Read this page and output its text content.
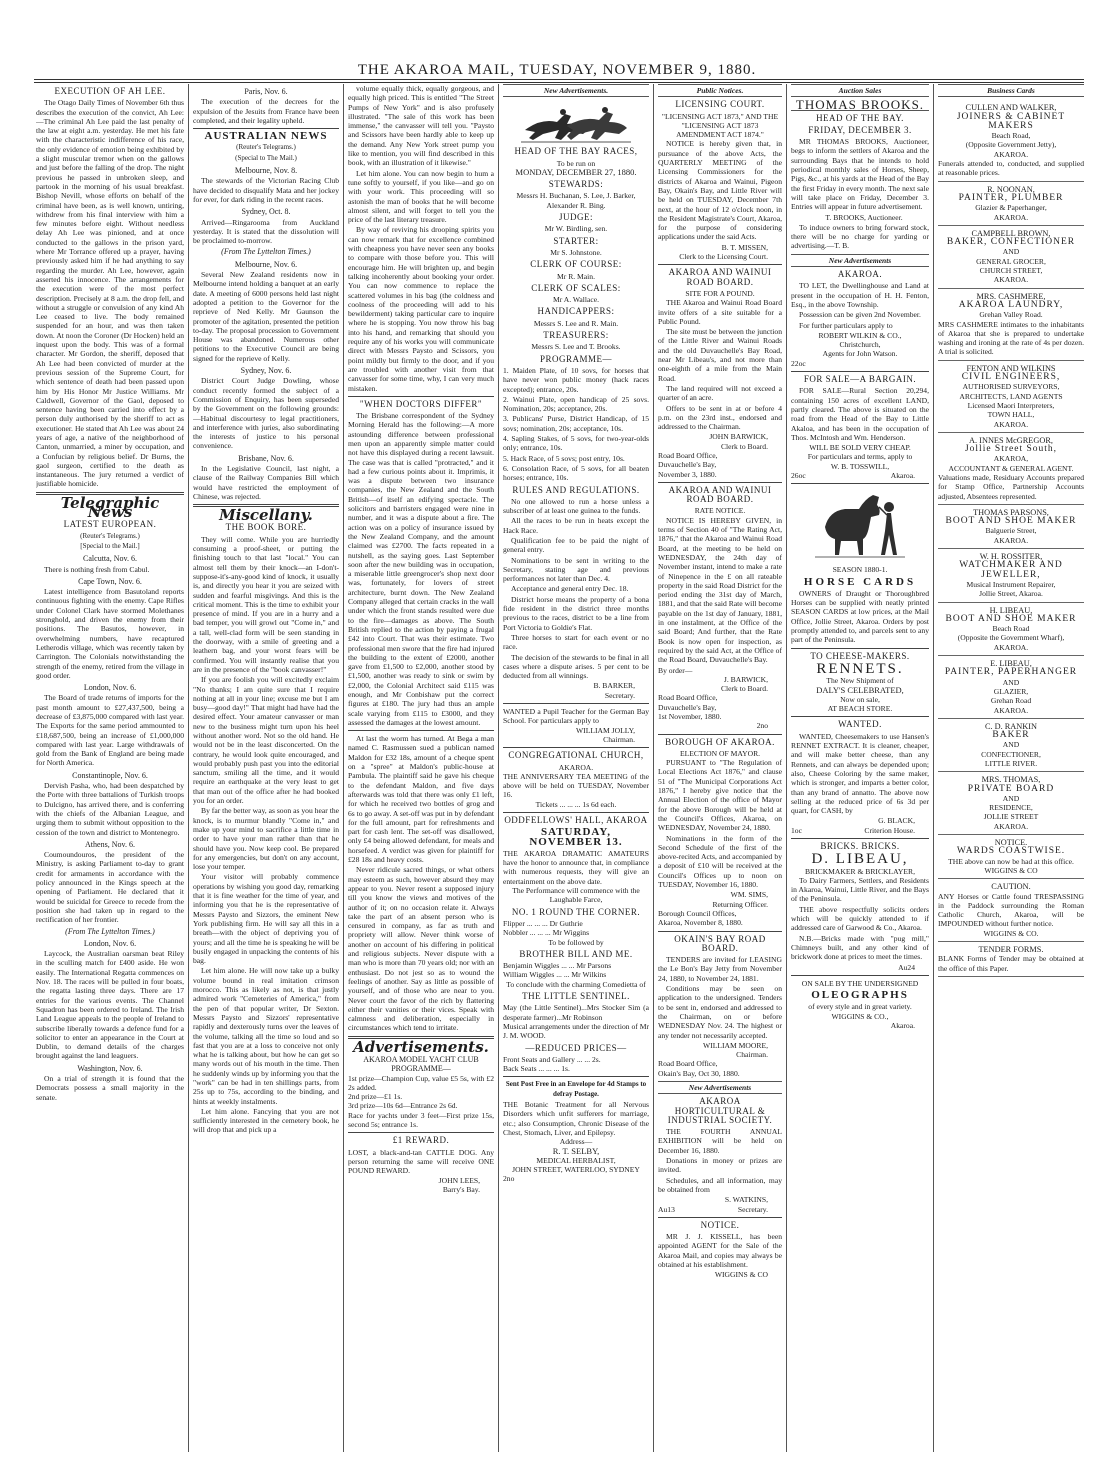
THE AKAROA MAIL, TUESDAY, NOVEMBER 9, 1880.
EXECUTION OF AH LEE.

The Otago Daily Times of November 6th thus describes the execution of the convict, Ah Lee:—The criminal Ah Lee paid the last penalty of the law at eight a.m. yesterday. He met his fate with the characteristic indifference of his race, the only evidence of emotion being exhibited by a slight muscular tremor when on the gallows and just before the falling of the drop. The night previous he passed in unbroken sleep, and partook in the morning of his usual breakfast. Bishop Nevill, whose efforts on behalf of the criminal have been, as is well known, untiring, withdrew from his final interview with him a few minutes before eight. Without needless delay Ah Lee was pinioned, and at once conducted to the gallows in the prison yard, where Mr Torrance offered up a prayer, having previously asked him if he had anything to say regarding the murder. Ah Lee, however, again asserted his innocence. The arrangements for the execution were of the most perfect description. Precisely at 8 a.m. the drop fell, and without a struggle or convulsion of any kind Ah Lee ceased to live. The body remained suspended for an hour, and was then taken down. At noon the Coroner (Dr Hocken) held an inquest upon the body. This was of a formal character. Mr Gordon, the sheriff, deposed that Ah Lee had been convicted of murder at the previous session of the Supreme Court, for which sentence of death had been passed upon him by His Honor Mr Justice Williams. Mr Caldwell, Governor of the Gaol, deposed to sentence having been carried into effect by a person duly authorised by the sheriff to act as executioner. He stated that Ah Lee was about 24 years of age, a native of the neighborhood of Canton, unmarried, a miner by occupation, and a Confucian by religious belief. Dr Burns, the gaol surgeon, certified to the death as instantaneous. The jury returned a verdict of justifiable homicide.

Telegraphic News
LATEST EUROPEAN.
(Reuter's Telegrams.)
[Special to the Mail.]
Calcutta, Nov. 6.

There is nothing fresh from Cabul.

Cape Town, Nov. 6.

Latest intelligence from Basutoland reports continuous fighting with the enemy. Cape Rifles under Colonel Clark have stormed Molethanes stronghold, and driven the enemy from their positions. The Basutos, however, in overwhelming numbers, have recaptured Letherodis village, which was recently taken by Carrington. The Colonials notwithstanding the strength of the enemy, retired from the village in good order.

London, Nov. 6.

The Board of trade returns of imports for the past month amount to £27,437,500, being a decrease of £3,875,000 compared with last year. The Exports for the same period ammounted to £18,687,500, being an increase of £1,000,000 compared with last year. Large withdrawals of gold from the Bank of England are being made for North America.

Constantinople, Nov. 6.

Dervish Pasha, who, had been despatched by the Porte with three battalions of Turkish troops to Dulcigno, has arrived there, and is conferring with the chiefs of the Albanian League, and urging them to submit without opposition to the cession of the town and district to Montenegro.

Athens, Nov. 6.

Coumoundouros, the president of the Ministry, is asking Parliament to-day to grant credit for armaments in accordance with the policy announced in the Kings speech at the opening of Parliament. He declared that it would be suicidal for Greece to recede from the position she had taken up in regard to the rectification of her frontier.

(From The Lyttelton Times.)
London, Nov. 6.

Laycock, the Australian oarsman beat Riley in the sculling match for £400 aside. He won easily. The International Regatta commences on Nov. 18. The races will be pulled in four boats, the regatta lasting three days. There are 17 entries for the various events. The Channel Squadron has been ordered to Ireland. The Irish Land League appeals to the people of Ireland to subscribe liberally towards a defence fund for a solicitor to enter an appearance in the Court at Dublin, to demand details of the charges brought against the land leaguers.

Washington, Nov. 6.

On a trial of strength it is found that the Democrats possess a small majority in the senate.

Paris, Nov. 6.

The execution of the decrees for the expulsion of the Jesuits from France have been completed, and their legality upheld.

AUSTRALIAN NEWS
(Reuter's Telegrams.)
(Special to The Mail.)
Melbourne, Nov. 8.

The stewards of the Victorian Racing Club have decided to disqualify Mata and her jockey for ever, for dark riding in the recent races.

Sydney, Oct. 8.

Arrived—Ringarooma from Auckland yesterday. It is stated that the dissolution will be proclaimed to-morrow.

(From The Lyttelton Times.)
Melbourne, Nov. 6.

Several New Zealand residents now in Melbourne intend holding a banquet at an early date. A meeting of 6000 persons held last night adopted a petition to the Governor for the reprieve of Ned Kelly. Mr Gaunson the promoter of the agitation, presented the petition to-day. The proposal procession to Government House was abandoned. Numerous other petitions to the Executive Council are being signed for the reprieve of Kelly.

Sydney, Nov. 6.

District Court Judge Dowling, whose conduct recently formed the subject of a Commission of Enquiry, has been superseded by the Government on the following grounds:—Habitual discourtesy to legal practitioners, and interference with juries, also subordinating the interests of justice to his personal convenience.

Brisbane, Nov. 6.

In the Legislative Council, last night, a clause of the Railway Companies Bill which would have restricted the employment of Chinese, was rejected.

Miscellany.
THE BOOK BORE.

They will come. While you are hurriedly consuming a proof-sheet, or putting the finishing touch to that last "local." You can almost tell them by their knock—an I-don't-suppose-it's-any-good kind of knock, it usually is, and directly you hear it you are seized with sudden and fearful misgivings. And this is the critical moment. This is the time to exhibit your presence of mind. If you are in a hurry and a bad temper, you will growl out "Come in," and a tall, well-clad form will be seen standing in the doorway, with a smile of greeting and a leathern bag, and your worst fears will be confirmed. You will instantly realise that you are in the presence of the "book canvasser!"

If you are foolish you will excitedly exclaim "No thanks; I am quite sure that I require nothing at all in your line; excuse me but I am busy—good day!" That might had have had the desired effect. Your amateur canvasser or man new to the business might turn upon his heel without another word. Not so the old hand. He would not be in the least disconcerted. On the contrary, he would look quite encouraged, and would probably push past you into the editorial sanctum, smiling all the time, and it would require an earthquake at the very least to get that man out of the office after he had booked you for an order.

By far the better way, as soon as you hear the knock, is to murmur blandly "Come in," and make up your mind to sacrifice a little time in order to have your man rather than that he should have you. Now keep cool. Be prepared for any emergencies, but don't on any account, lose your temper.

Your visitor will probably commence operations by wishing you good day, remarking that it is fine weather for the time of year, and informing you that he is the representative of Messrs Paysto and Sizzors, the eminent New York publishing firm. He will say all this in a breath—with the object of depriving you of yours; and all the time he is speaking he will be busily engaged in unpacking the contents of his bag.

Let him alone. He will now take up a bulky volume bound in real imitation crimson morocco. This as likely as not, is that justly admired work "Cemeteries of America," from the pen of that popular writer, Dr Sexton. Messrs Paysto and Sizzors' representative rapidly and dexterously turns over the leaves of the volume, talking all the time so loud and so fast that you are at a loss to conceive not only what he is talking about, but how he can get so many words out of his mouth in the time. Then he suddenly winds up by informing you that the "work" can be had in ten shillings parts, from 25s up to 75s, according to the binding, and hints at weekly instalments.

Let him alone. Fancying that you are not sufficiently interested in the cemetery book, he will drop that and pick up a

volume equally thick, equally gorgeous, and equally high priced. This is entitled "The Street Pumps of New York" and is also profusely illustrated. "The sale of this work has been immense," the canvasser will tell you. "Paysto and Scissors have been hardly able to keep up the demand. Any New York street pump you like to mention, you will find described in this book, with an illustration of it likewise."

Let him alone. You can now begin to hum a tune softly to yourself, if you like—and go on with your work. This proceeding will so astonish the man of books that he will become almost silent, and will forget to tell you the price of the last literary treasure.

By way of reviving his drooping spirits you can now remark that for excellence combined with cheapness you have never seen any books to compare with those before you. This will encourage him. He will brighten up, and begin talking incoherently about booking your order. You can now commence to replace the scattered volumes in his bag (the coldness and coolness of the proceeding will add to his bewilderment) taking particular care to inquire where he is stopping. You now throw his bag into his hand, and remarking that should you require any of his works you will communicate direct with Messrs Paysto and Scissors, you point mildly but firmly to the door, and if you are troubled with another visit from that canvasser for some time, why, I can very much mistaken.

"WHEN DOCTORS DIFFER"

The Brisbane correspondent of the Sydney Morning Herald has the following:—A more astounding difference between professional men upon an apparently simple matter could not have this displayed during a recent lawsuit. The case was that is called "protracted," and it had a few curious points about it. Imprimis, it was a dispute between two insurance companies, the New Zealand and the South British—of itself an edifying spectacle. The solicitors and barristers engaged were nine in number, and it was a dispute about a fire. The action was on a policy of insurance issued by the New Zealand Company, and the amount claimed was £2700. The facts repeated in a nutshell, as the saying goes. Last September soon after the new building was in occupation, a miserable little greengrocer's shop next door was, fortunately, for lovers of street architecture, burnt down. The New Zealand Company alleged that certain cracks in the wall under which the front stands resulted were due to the fire—damages as above. The South British replied to the action by paying a frugal £42 into Court. That was their estimate. Two professional men swore that the fire had injured the building to the extent of £2000, another gave from £1,500 to £2,000, another stood by £1,500, another was ready to sink or swim by £2,000, the Colonial Architect said £115 was enough, and Mr Conbishaw put the correct figures at £180. The jury had thus an ample scale varying from £115 to £3000, and they assessed the damages at the lowest amount.

At last the worm has turned. At Bega a man named C. Rasmussen sued a publican named Maldon for £32 18s, amount of a cheque spent on a "spree" at Maldon's public-house at Pambula. The plaintiff said he gave his cheque to the defendant Maldon, and five days afterwards was told that there was only £1 left, for which he received two bottles of grog and 6s to go away. A set-off was put in by defendant for the full amount, part for refreshments and part for cash lent. The set-off was disallowed, only £4 being allowed defendant, for meals and horsefeed. A verdict was given for plaintiff for £28 18s and heavy costs.

Never ridicule sacred things, or what others may esteem as such, however absurd they may appear to you. Never resent a supposed injury till you know the views and motives of the author of it; on no occasion relate it. Always take the part of an absent person who is censured in company, as far as truth and propriety will allow. Never think worse of another on account of his differing in political and religious subjects. Never dispute with a man who is more than 70 years old; nor with an enthusiast. Do not jest so as to wound the feelings of another. Say as little as possible of yourself, and of those who are near to you. Never court the favor of the rich by flattering either their vanities or their vices. Speak with calmness and deliberation, especially in circumstances which tend to irritate.

Advertisements.
AKAROA MODEL YACHT CLUB PROGRAMME—
1st prize—Champion Cup, value £5 5s, with £2 2s added.
2nd prize—£1 1s.
3rd prize—10s 6d—Entrance 2s 6d.
Race for yachts under 3 feet—First prize 15s, second 5s; entrance 1s.
£1 REWARD.
LOST, a black-and-tan CATTLE DOG. Any person returning the same will receive ONE POUND REWARD.
JOHN LEES,
Barry's Bay.
New Advertisements.
HEAD OF THE BAY RACES,
To be run on
MONDAY, DECEMBER 27, 1880.
STEWARDS:
Messrs H. Buchanan, S. Lee, J. Barker, Alexander R. Bing.
JUDGE:
Mr W. Birdling, sen.
STARTER:
Mr S. Johnstone.
CLERK OF COURSE:
Mr R. Main.
CLERK OF SCALES:
Mr A. Wallace.
HANDICAPPERS:
Messrs S. Lee and R. Main.
TREASURERS:
Messrs S. Lee and T. Brooks.
PROGRAMME—

1. Maiden Plate, of 10 sovs, for horses that have never won public money (hack races excepted); entrance, 20s.

2. Wainui Plate, open handicap of 25 sovs. Nomination, 20s; acceptance, 20s.

3. Publicans' Purse, District Handicap, of 15 sovs; nomination, 20s; acceptance, 10s.

4. Sapling Stakes, of 5 sovs, for two-year-olds only; entrance, 10s.

5. Hack Race, of 5 sovs; post entry, 10s.

6. Consolation Race, of 5 sovs, for all beaten horses; entrance, 10s.

RULES AND REGULATIONS.

No one allowed to run a horse unless a subscriber of at least one guinea to the funds.

All the races to be run in heats except the Hack Race.

Qualification fee to be paid the night of general entry.

Nominations to be sent in writing to the Secretary, stating age and previous performances not later than Dec. 4.

Acceptance and general entry Dec. 18.

District horse means the property of a bona fide resident in the district three months previous to the races, district to be a line from Port Victoria to Goldie's Flat.

Three horses to start for each event or no race.

The decision of the stewards to be final in all cases where a dispute arises. 5 per cent to be deducted from all winnings.

B. BARKER,
Secretary.
WANTED a Pupil Teacher for the German Bay School. For particulars apply to
WILLIAM JOLLY,
Chairman.
CONGREGATIONAL CHURCH,
AKAROA.
THE ANNIVERSARY TEA MEETING of the above will be held on TUESDAY, November 16.
Tickets ... ... ... 1s 6d each.
ODDFELLOWS' HALL, AKAROA
SATURDAY, NOVEMBER 13.
THE AKAROA DRAMATIC AMATEURS have the honor to announce that, in compliance with numerous requests, they will give an entertainment on the above date.
The Performance will commence with the Laughable Farce,
NO. 1 ROUND THE CORNER.
Flipper ... ... ... Dr Guthrie
Nobbler ... ... ... Mr Wiggins
To be followed by
BROTHER BILL AND ME.
Benjamin Wiggles ... ... Mr Parsons
William Wiggles ... ... Mr Wilkins
To conclude with the charming Comedietta of
THE LITTLE SENTINEL.
May (the Little Sentinel)...Mrs Stocker Sim (a desperate farmer)...Mr Robinson
Musical arrangements under the direction of Mr J. M. WOOD.
—REDUCED PRICES—
Front Seats and Gallery ... ... 2s.
Back Seats ... ... ... 1s.
Sent Post Free in an Envelope for 4d Stamps to defray Postage.
THE Botanic Treatment for all Nervous Disorders which unfit sufferers for marriage, etc.; also Consumption, Chronic Disease of the Chest, Stomach, Liver, and Epilepsy.
Address—
R. T. SELBY,
MEDICAL HERBALIST,
JOHN STREET, WATERLOO, SYDNEY
2no
Public Notices.
LICENSING COURT.
"LICENSING ACT 1873," AND THE "LICENSING ACT 1873 AMENDMENT ACT 1874."

NOTICE is hereby given that, in pursuance of the above Acts, the QUARTERLY MEETING of the Licensing Commissioners for the districts of Akaroa and Wainui, Pigeon Bay, Okain's Bay, and Little River will be held on TUESDAY, December 7th next, at the hour of 12 o'clock noon, in the Resident Magistrate's Court, Akaroa, for the purpose of considering applications under the said Acts.

B. T. MISSEN,
Clerk to the Licensing Court.
AKAROA AND WAINUI ROAD BOARD.
SITE FOR A POUND.

THE Akaroa and Wainui Road Board invite offers of a site suitable for a Public Pound.

The site must be between the junction of the Little River and Wainui Roads and the old Duvauchelle's Bay Road, near Mr Libeau's, and not more than one-eighth of a mile from the Main Road.

The land required will not exceed a quarter of an acre.

Offers to be sent in at or before 4 p.m. on the 23rd inst., endorsed and addressed to the Chairman.

JOHN BARWICK,
Clerk to Board.
Road Board Office,
Duvauchelle's Bay,
November 3, 1880.
AKAROA AND WAINUI ROAD BOARD.
RATE NOTICE.

NOTICE IS HEREBY GIVEN, in terms of Section 40 of "The Rating Act, 1876," that the Akaroa and Wainui Road Board, at the meeting to be held on WEDNESDAY, the 24th day of November instant, intend to make a rate of Ninepence in the £ on all rateable property in the said Road District for the period ending the 31st day of March, 1881, and that the said Rate will become payable on the 1st day of January, 1881, in one instalment, at the Office of the said Board; And further, that the Rate Book is now open for inspection, as required by the said Act, at the Office of the Road Board, Duvauchelle's Bay.

By order—
J. BARWICK,
Clerk to Board.
Road Board Office,
Duvauchelle's Bay,
1st November, 1880.
2no
BOROUGH OF AKAROA.
ELECTION OF MAYOR.

PURSUANT to "The Regulation of Local Elections Act 1876," and clause 51 of "The Municipal Corporations Act 1876," I hereby give notice that the Annual Election of the office of Mayor for the above Borough will be held at the Council's Offices, Akaroa, on WEDNESDAY, November 24, 1880.

Nominations in the form of the Second Schedule of the first of the above-recited Acts, and accompanied by a deposit of £10 will be received at the Council's Offices up to noon on TUESDAY, November 16, 1880.

WM. SIMS,
Returning Officer.
Borough Council Offices,
Akaroa, November 8, 1880.
OKAIN'S BAY ROAD BOARD.

TENDERS are invited for LEASING the Le Bon's Bay Jetty from November 24, 1880, to November 24, 1881.

Conditions may be seen on application to the undersigned. Tenders to be sent in, endorsed and addressed to the Chairman, on or before WEDNESDAY Nov. 24. The highest or any tender not necessarily accepted.

WILLIAM MOORE,
Chairman.
Road Board Office,
Okain's Bay, Oct 30, 1880.
New Advertisements
AKAROA HORTICULTURAL & INDUSTRIAL SOCIETY.

THE FOURTH ANNUAL EXHIBITION will be held on December 16, 1880.

Donations in money or prizes are invited.

Schedules, and all information, may be obtained from

S. WATKINS,
Au13	Secretary.
NOTICE.

MR J. J. KISSELL, has been appointed AGENT for the Sale of the Akaroa Mail, and copies may always be obtained at his establishment.

WIGGINS & CO
Auction Sales
THOMAS BROOKS.
HEAD OF THE BAY.
FRIDAY, DECEMBER 3.

MR THOMAS BROOKS, Auctioneer, begs to inform the settlers of Akaroa and the surrounding Bays that he intends to hold periodical monthly sales of Horses, Sheep, Pigs, &c., at his yards at the Head of the Bay the first Friday in every month. The next sale will take place on Friday, December 3. Entries will appear in future advertisement.

T. BROOKS, Auctioneer.

To induce owners to bring forward stock, there will be no charge for yarding or advertising.—T. B.

New Advertisements
AKAROA.

TO LET, the Dwellinghouse and Land at present in the occupation of H. H. Fenton, Esq., in the above Township.

Possession can be given 2nd November.

For further particulars apply to

ROBERT WILKIN & CO.,
Christchurch,
Agents for John Watson.
22oc
FOR SALE—A BARGAIN.

FOR SALE—Rural Section 20,294, containing 150 acres of excellent LAND, partly cleared. The above is situated on the road from the Head of the Bay to Little Akaloa, and has been in the occupation of Thos. McIntosh and Wm. Henderson.

WILL BE SOLD VERY CHEAP.
For particulars and terms, apply to
W. B. TOSSWILL,
26oc	Akaroa.
SEASON 1880-1.
HORSE CARDS

OWNERS of Draught or Thoroughbred Horses can be supplied with neatly printed SEASON CARDS at low prices, at the Mail Office, Jollie Street, Akaroa. Orders by post promptly attended to, and parcels sent to any part of the Peninsula.

TO CHEESE-MAKERS.
RENNETS.
The New Shipment of
DALY'S CELEBRATED,
Now on sale,
AT BEACH STORE.
WANTED.

WANTED, Cheesemakers to use Hansen's RENNET EXTRACT. It is cleaner, cheaper, and will make better cheese, than any Rennets, and can always be depended upon; also, Cheese Coloring by the same maker, which is stronger, and imparts a better color, than any brand of annatto. The above now selling at the reduced price of 6s 3d per quart, for CASH, by

G. BLACK,
1oc	Criterion House.
BRICKS. BRICKS.
D. LIBEAU,
BRICKMAKER & BRICKLAYER,

To Dairy Farmers, Settlers, and Residents in Akaroa, Wainui, Little River, and the Bays of the Peninsula.

THE above respectfully solicits orders which will be quickly attended to if addressed care of Garwood & Co., Akaroa.

N.B.—Bricks made with "pug mill," Chimneys built, and any other kind of brickwork done at prices to meet the times.

Au24
ON SALE BY THE UNDERSIGNED
OLEOGRAPHS
of every style and in great variety.
WIGGINS & CO.,
Akaroa.
Business Cards
CULLEN AND WALKER,
JOINERS & CABINET MAKERS
Beach Road,
(Opposite Government Jetty),
AKAROA.
Funerals attended to, conducted, and supplied at reasonable prices.
R. NOONAN,
PAINTER, PLUMBER
Glazier & Paperhanger,
AKAROA.
CAMPBELL BROWN,
BAKER, CONFECTIONER
AND
GENERAL GROCER,
CHURCH STREET,
AKAROA.
MRS. CASHMERE,
AKAROA LAUNDRY,
Grehan Valley Road.
MRS CASHMERE intimates to the inhabitants of Akaroa that she is prepared to undertake washing and ironing at the rate of 4s per dozen. A trial is solicited.
FENTON AND WILKINS
CIVIL ENGINEERS,
AUTHORISED SURVEYORS,
ARCHITECTS, LAND AGENTS
Licensed Maori Interpreters,
TOWN HALL,
AKAROA.
A. INNES McGREGOR,
Jollie Street South,
AKAROA,
ACCOUNTANT & GENERAL AGENT.
Valuations made, Residuary Accounts prepared for Stamp Office, Partnership Accounts adjusted, Absentees represented.
THOMAS PARSONS,
BOOT AND SHOE MAKER
Balguerie Street,
AKAROA.
W. H. ROSSITER,
WATCHMAKER AND JEWELLER,
Musical Instrument Repairer,
Jollie Street, Akaroa.
H. LIBEAU,
BOOT AND SHOE MAKER
Beach Road
(Opposite the Government Wharf),
AKAROA.
E. LIBEAU,
PAINTER, PAPERHANGER
AND
GLAZIER,
Grehan Road
AKAROA.
C. D. RANKIN
BAKER
AND
CONFECTIONER,
LITTLE RIVER.
MRS. THOMAS,
PRIVATE BOARD
AND
RESIDENCE,
JOLLIE STREET
AKAROA.
NOTICE.
WARDS COASTWISE.
THE above can now be had at this office.
WIGGINS & CO
CAUTION.
ANY Horses or Cattle found TRESPASSING in the Paddock surrounding the Roman Catholic Church, Akaroa, will be IMPOUNDED without further notice.
WIGGINS & CO.
TENDER FORMS.
BLANK Forms of Tender may be obtained at the office of this Paper.
